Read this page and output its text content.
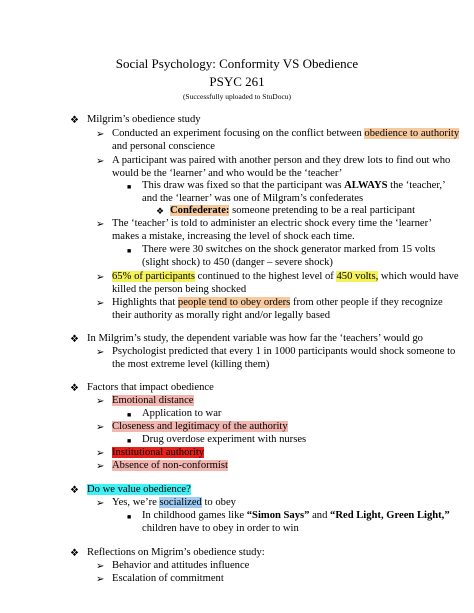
Social Psychology: Conformity VS Obedience
PSYC 261
(Successfully uploaded to StuDocu)
❖ Milgrim’s obedience study
➢ Conducted an experiment focusing on the conflict between obedience to authority
and personal conscience
➢ A participant was paired with another person and they drew lots to find out who
would be the ‘learner’ and who would be the ‘teacher’
■ This draw was fixed so that the participant was ALWAYS the ‘teacher,’
and the ‘learner’ was one of Milgram’s confederates
❖ Confederate: someone pretending to be a real participant
➢ The ‘teacher’ is told to administer an electric shock every time the ‘learner’
makes a mistake, increasing the level of shock each time.
■ There were 30 switches on the shock generator marked from 15 volts
(slight shock) to 450 (danger – severe shock)
➢ 65% of participants continued to the highest level of 450 volts, which would have
killed the person being shocked
➢ Highlights that people tend to obey orders from other people if they recognize
their authority as morally right and/or legally based
❖ In Milgrim’s study, the dependent variable was how far the ‘teachers’ would go
➢ Psychologist predicted that every 1 in 1000 participants would shock someone to
the most extreme level (killing them)
❖ Factors that impact obedience
➢ Emotional distance
■ Application to war
➢ Closeness and legitimacy of the authority
■ Drug overdose experiment with nurses
➢ Institutional authority
➢ Absence of non-conformist
❖ Do we value obedience?
➢ Yes, we’re socialized to obey
■ In childhood games like “Simon Says” and “Red Light, Green Light,”
children have to obey in order to win
❖ Reflections on Migrim’s obedience study:
➢ Behavior and attitudes influence
➢ Escalation of commitment
